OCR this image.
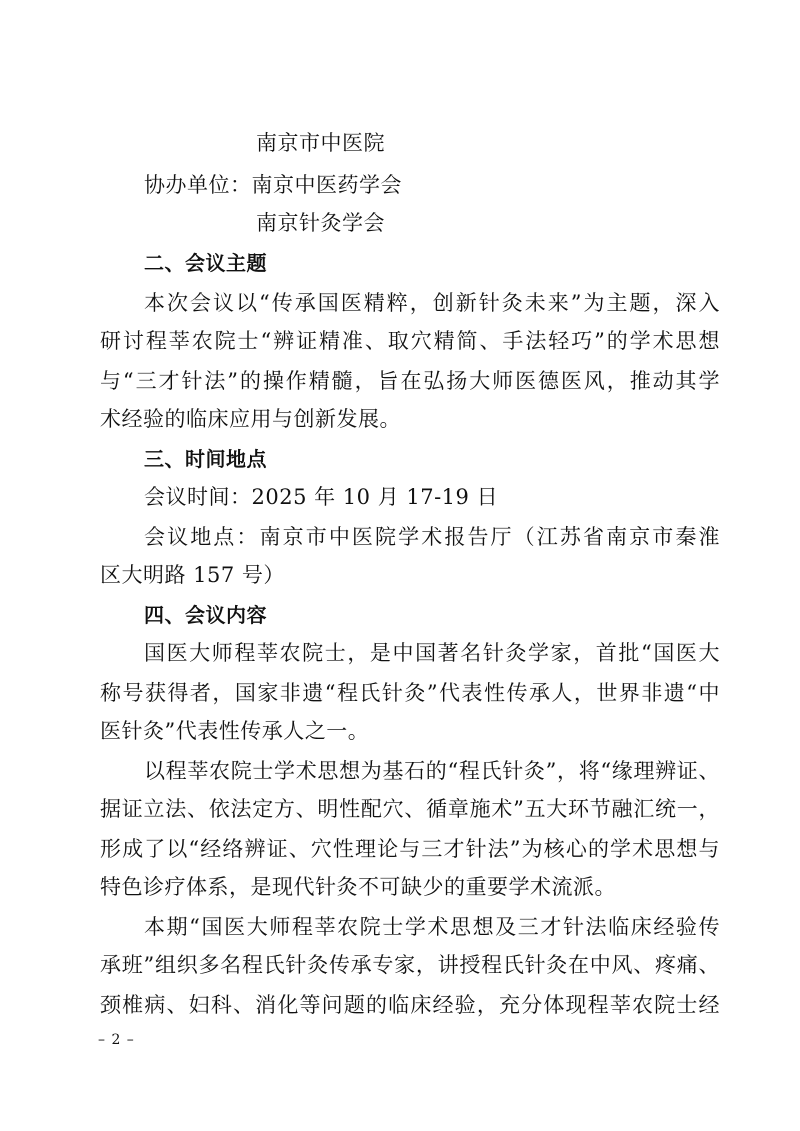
南京市中医院
协办单位：南京中医药学会
南京针灸学会
二、会议主题
本次会议以“传承国医精粹，创新针灸未来”为主题，深入
研讨程莘农院士“辨证精准、取穴精简、手法轻巧”的学术思想
与“三才针法”的操作精髓，旨在弘扬大师医德医风，推动其学
术经验的临床应用与创新发展。
三、时间地点
会议时间：2025 年 10 月 17-19 日
会议地点：南京市中医院学术报告厅（江苏省南京市秦淮
区大明路 157 号）
四、会议内容
国医大师程莘农院士，是中国著名针灸学家，首批“国医大
称号获得者，国家非遗“程氏针灸”代表性传承人，世界非遗“中
医针灸”代表性传承人之一。
以程莘农院士学术思想为基石的“程氏针灸”，将“缘理辨证、
据证立法、依法定方、明性配穴、循章施术”五大环节融汇统一，
形成了以“经络辨证、穴性理论与三才针法”为核心的学术思想与
特色诊疗体系，是现代针灸不可缺少的重要学术流派。
本期“国医大师程莘农院士学术思想及三才针法临床经验传
承班”组织多名程氏针灸传承专家，讲授程氏针灸在中风、疼痛、
颈椎病、妇科、消化等问题的临床经验，充分体现程莘农院士经
– 2 –
